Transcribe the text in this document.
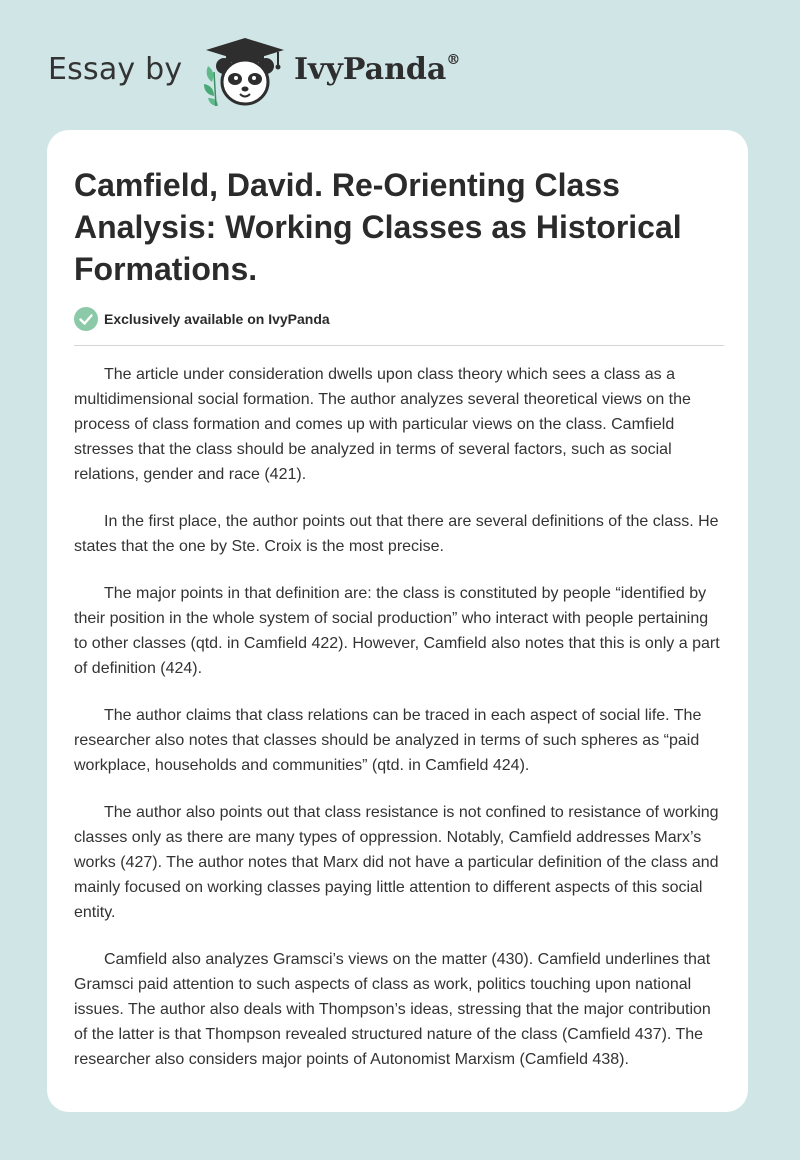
Essay by	IvyPanda®
Camfield, David. Re-Orienting Class Analysis: Working Classes as Historical Formations.
Exclusively available on IvyPanda

The article under consideration dwells upon class theory which sees a class as a multidimensional social formation. The author analyzes several theoretical views on the process of class formation and comes up with particular views on the class. Camfield stresses that the class should be analyzed in terms of several factors, such as social relations, gender and race (421).

In the first place, the author points out that there are several definitions of the class. He states that the one by Ste. Croix is the most precise.

The major points in that definition are: the class is constituted by people “identified by their position in the whole system of social production” who interact with people pertaining to other classes (qtd. in Camfield 422). However, Camfield also notes that this is only a part of definition (424).

The author claims that class relations can be traced in each aspect of social life. The researcher also notes that classes should be analyzed in terms of such spheres as “paid workplace, households and communities” (qtd. in Camfield 424).

The author also points out that class resistance is not confined to resistance of working classes only as there are many types of oppression. Notably, Camfield addresses Marx’s works (427). The author notes that Marx did not have a particular definition of the class and mainly focused on working classes paying little attention to different aspects of this social entity.

Camfield also analyzes Gramsci’s views on the matter (430). Camfield underlines that Gramsci paid attention to such aspects of class as work, politics touching upon national issues. The author also deals with Thompson’s ideas, stressing that the major contribution of the latter is that Thompson revealed structured nature of the class (Camfield 437). The researcher also considers major points of Autonomist Marxism (Camfield 438).
